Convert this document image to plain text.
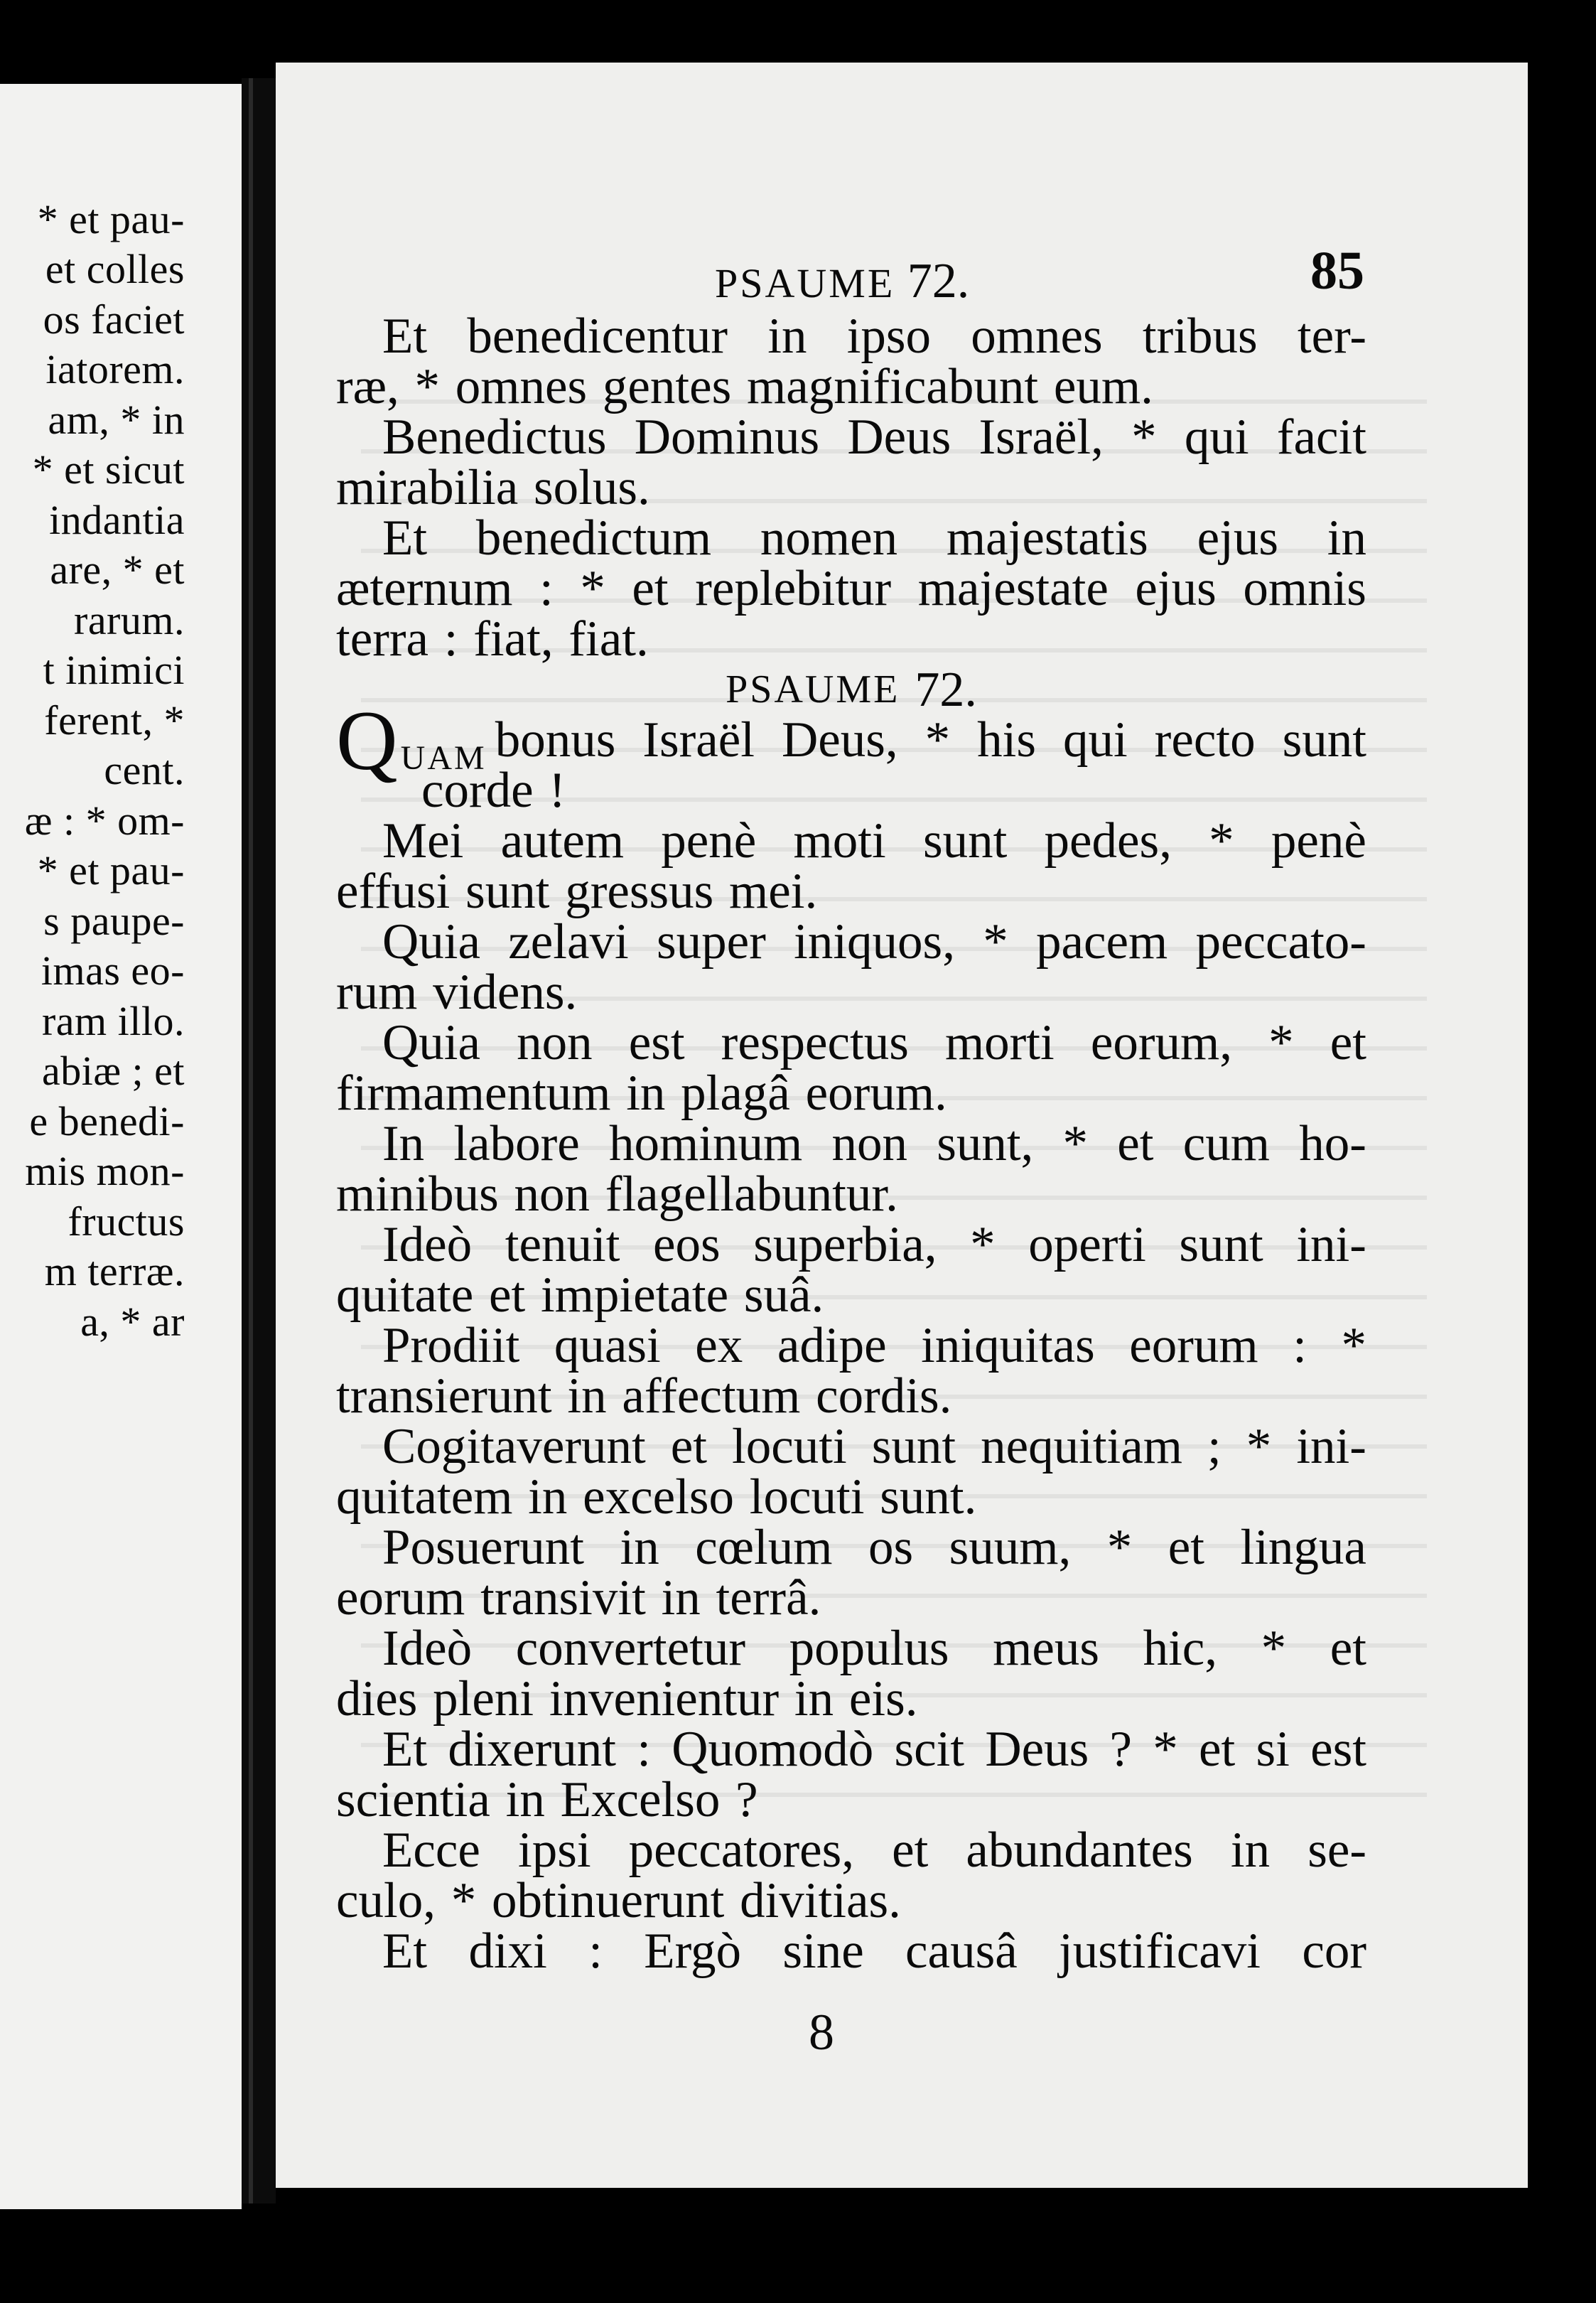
* et pau-
et colles
os faciet
iatorem.
am, * in
* et sicut
indantia
are, * et
rarum.
t inimici
ferent, *
cent.
æ : * om-
* et pau-
s paupe-
imas eo-
ram illo.
abiæ ; et
e benedi-
mis mon-
fructus
m terræ.
a, * ar
PSAUME 72.	85
Et benedicentur in ipso omnes tribus ter-
ræ, * omnes gentes magnificabunt eum.
Benedictus Dominus Deus Israël, * qui facit
mirabilia solus.
Et benedictum nomen majestatis ejus in
æternum : * et replebitur majestate ejus omnis
terra : fiat, fiat.
PSAUME 72.
Q UAM bonus Israël Deus, * his qui recto sunt
corde !
Mei autem penè moti sunt pedes, * penè
effusi sunt gressus mei.
Quia zelavi super iniquos, * pacem peccato-
rum videns.
Quia non est respectus morti eorum, * et
firmamentum in plagâ eorum.
In labore hominum non sunt, * et cum ho-
minibus non flagellabuntur.
Ideò tenuit eos superbia, * operti sunt ini-
quitate et impietate suâ.
Prodiit quasi ex adipe iniquitas eorum : *
transierunt in affectum cordis.
Cogitaverunt et locuti sunt nequitiam ; * ini-
quitatem in excelso locuti sunt.
Posuerunt in cœlum os suum, * et lingua
eorum transivit in terrâ.
Ideò convertetur populus meus hic, * et
dies pleni invenientur in eis.
Et dixerunt : Quomodò scit Deus ? * et si est
scientia in Excelso ?
Ecce ipsi peccatores, et abundantes in se-
culo, * obtinuerunt divitias.
Et dixi : Ergò sine causâ justificavi cor
8
